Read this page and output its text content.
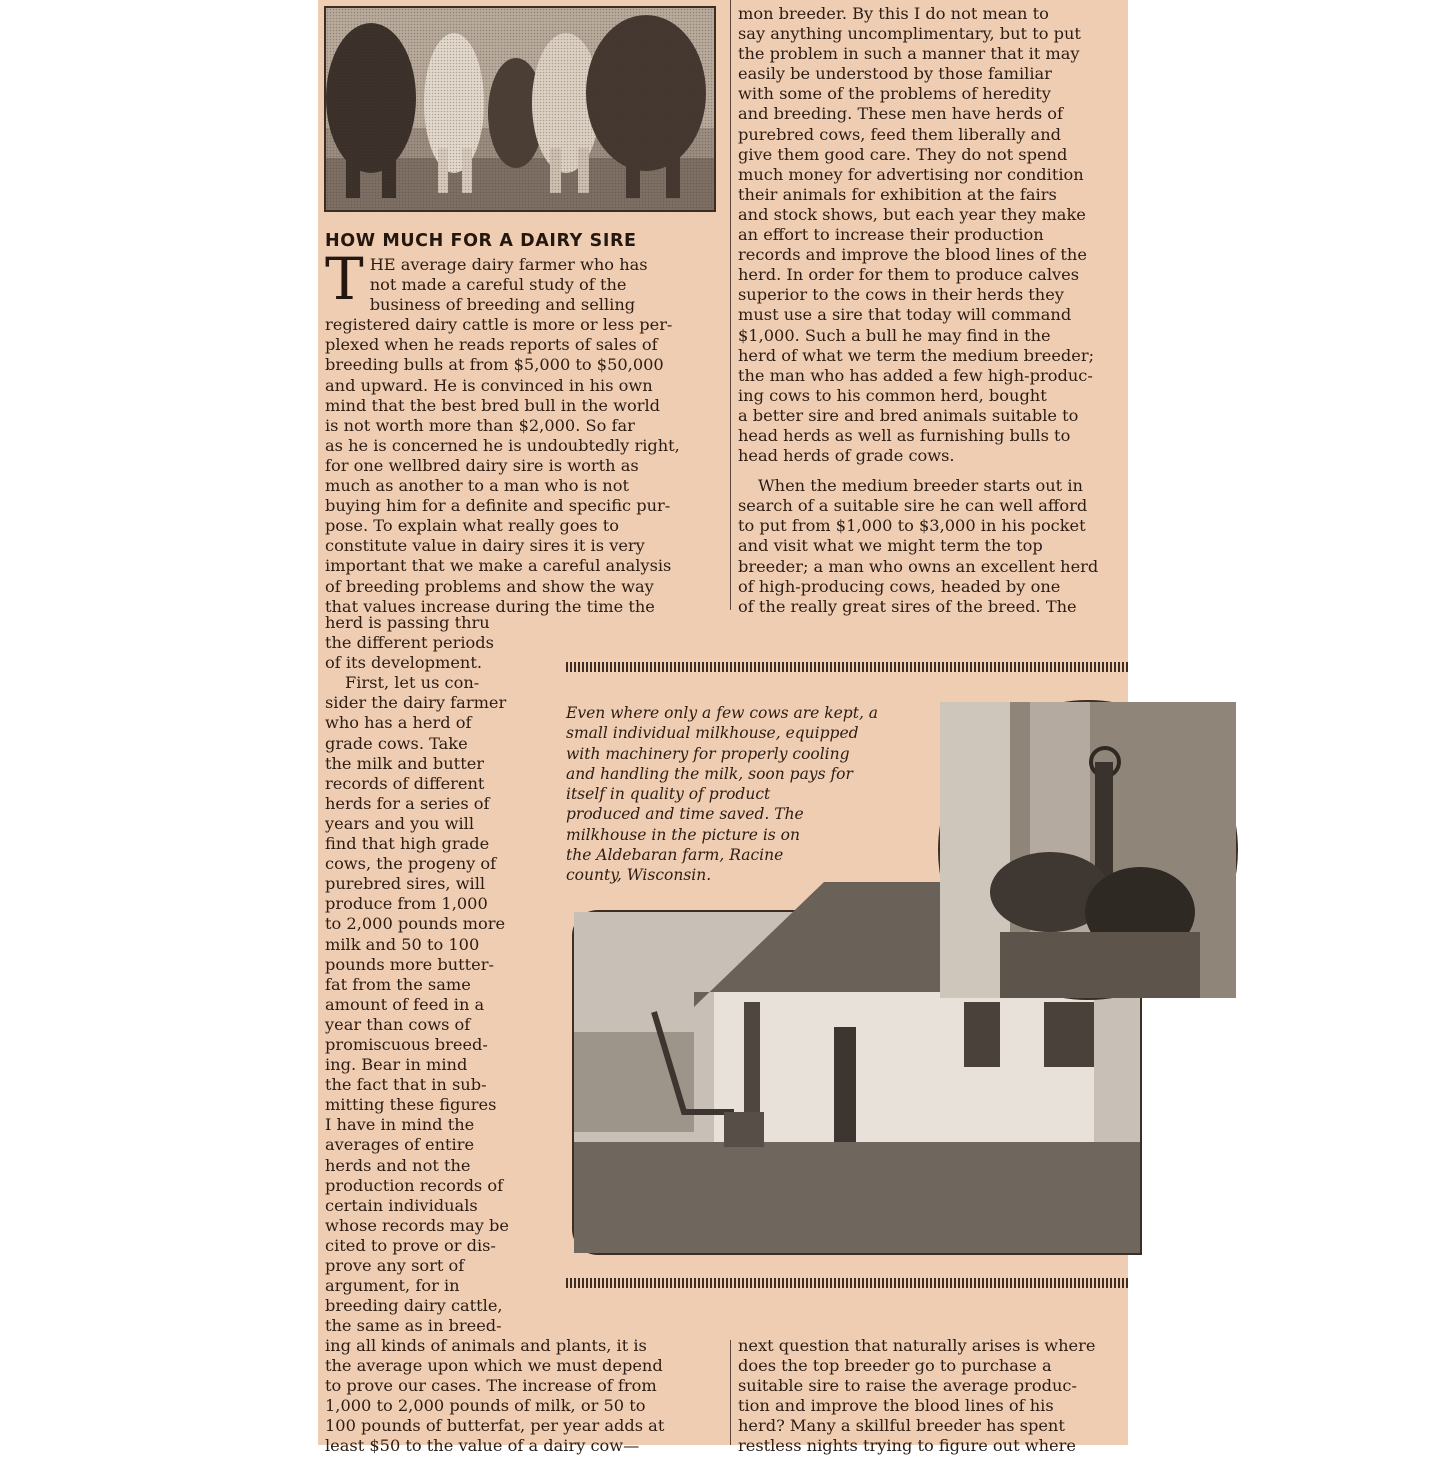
HOW MUCH FOR A DAIRY SIRE
T HE average dairy farmer who has

not made a careful study of the

business of breeding and selling

registered dairy cattle is more or less per-

plexed when he reads reports of sales of

breeding bulls at from $5,000 to $50,000

and upward. He is convinced in his own

mind that the best bred bull in the world

is not worth more than $2,000. So far

as he is concerned he is undoubtedly right,

for one wellbred dairy sire is worth as

much as another to a man who is not

buying him for a definite and specific pur-

pose. To explain what really goes to

constitute value in dairy sires it is very

important that we make a careful analysis

of breeding problems and show the way

that values increase during the time the

herd is passing thru

the different periods

of its development.

First, let us con-

sider the dairy farmer

who has a herd of

grade cows. Take

the milk and butter

records of different

herds for a series of

years and you will

find that high grade

cows, the progeny of

purebred sires, will

produce from 1,000

to 2,000 pounds more

milk and 50 to 100

pounds more butter-

fat from the same

amount of feed in a

year than cows of

promiscuous breed-

ing. Bear in mind

the fact that in sub-

mitting these figures

I have in mind the

averages of entire

herds and not the

production records of

certain individuals

whose records may be

cited to prove or dis-

prove any sort of

argument, for in

breeding dairy cattle,

the same as in breed-

ing all kinds of animals and plants, it is

the average upon which we must depend

to prove our cases. The increase of from

1,000 to 2,000 pounds of milk, or 50 to

100 pounds of butterfat, per year adds at

least $50 to the value of a dairy cow—

mon breeder. By this I do not mean to

say anything uncomplimentary, but to put

the problem in such a manner that it may

easily be understood by those familiar

with some of the problems of heredity

and breeding. These men have herds of

purebred cows, feed them liberally and

give them good care. They do not spend

much money for advertising nor condition

their animals for exhibition at the fairs

and stock shows, but each year they make

an effort to increase their production

records and improve the blood lines of the

herd. In order for them to produce calves

superior to the cows in their herds they

must use a sire that today will command

$1,000. Such a bull he may find in the

herd of what we term the medium breeder;

the man who has added a few high-produc-

ing cows to his common herd, bought

a better sire and bred animals suitable to

head herds as well as furnishing bulls to

head herds of grade cows.

When the medium breeder starts out in

search of a suitable sire he can well afford

to put from $1,000 to $3,000 in his pocket

and visit what we might term the top

breeder; a man who owns an excellent herd

of high-producing cows, headed by one

of the really great sires of the breed. The

next question that naturally arises is where

does the top breeder go to purchase a

suitable sire to raise the average produc-

tion and improve the blood lines of his

herd? Many a skillful breeder has spent

restless nights trying to figure out where

Even where only a few cows are kept, a

small individual milkhouse, equipped

with machinery for properly cooling

and handling the milk, soon pays for

itself in quality of product

produced and time saved. The

milkhouse in the picture is on

the Aldebaran farm, Racine

county, Wisconsin.
